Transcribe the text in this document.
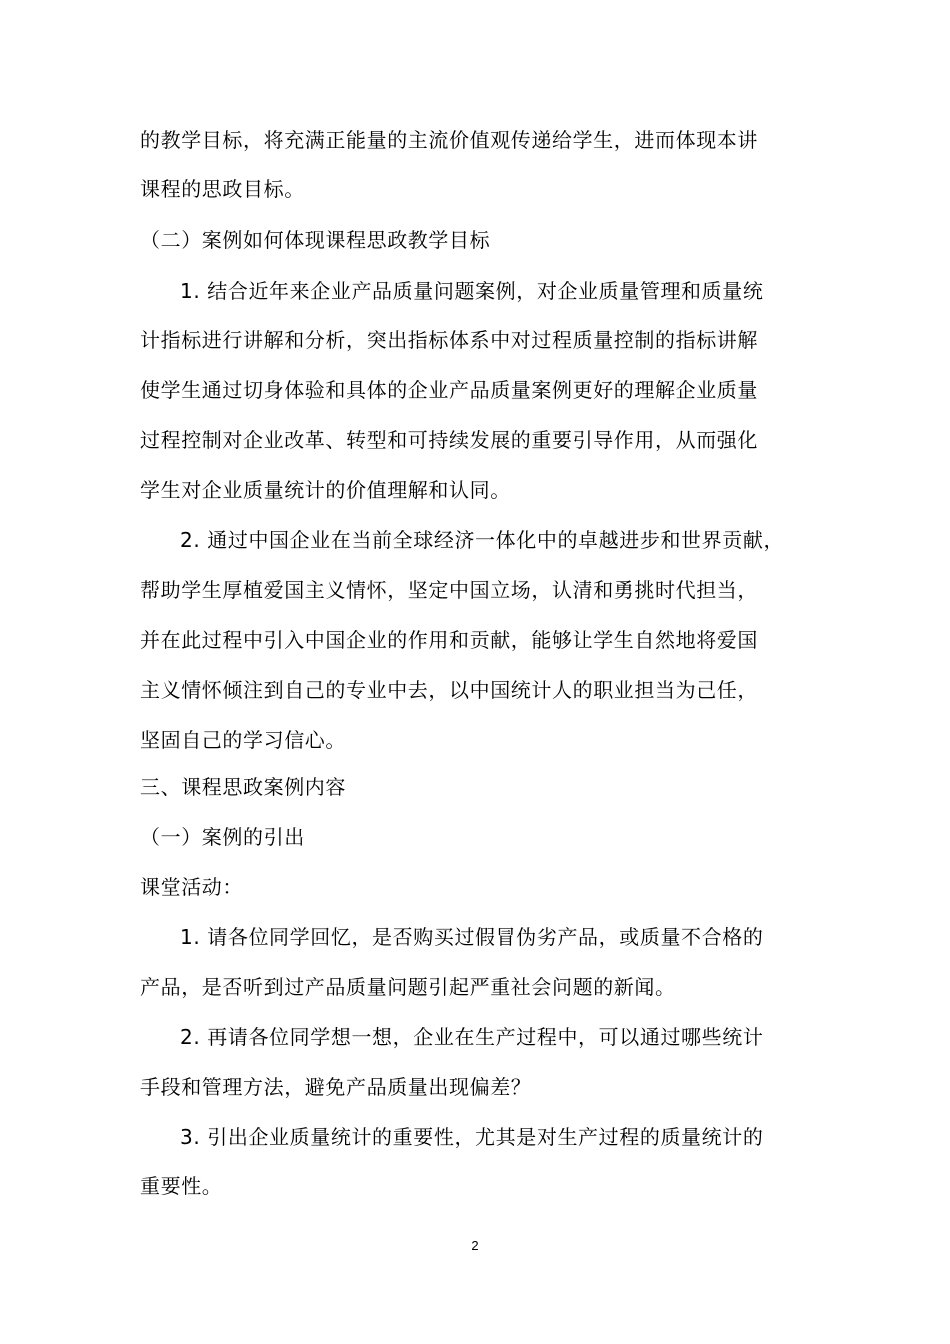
的教学目标，将充满正能量的主流价值观传递给学生，进而体现本讲
课程的思政目标。
（二）案例如何体现课程思政教学目标
1. 结合近年来企业产品质量问题案例，对企业质量管理和质量统
计指标进行讲解和分析，突出指标体系中对过程质量控制的指标讲解
使学生通过切身体验和具体的企业产品质量案例更好的理解企业质量
过程控制对企业改革、转型和可持续发展的重要引导作用，从而强化
学生对企业质量统计的价值理解和认同。
2. 通过中国企业在当前全球经济一体化中的卓越进步和世界贡献，
帮助学生厚植爱国主义情怀，坚定中国立场，认清和勇挑时代担当，
并在此过程中引入中国企业的作用和贡献，能够让学生自然地将爱国
主义情怀倾注到自己的专业中去，以中国统计人的职业担当为己任，
坚固自己的学习信心。
三、课程思政案例内容
（一）案例的引出
课堂活动：
1. 请各位同学回忆，是否购买过假冒伪劣产品，或质量不合格的
产品，是否听到过产品质量问题引起严重社会问题的新闻。
2. 再请各位同学想一想，企业在生产过程中，可以通过哪些统计
手段和管理方法，避免产品质量出现偏差？
3. 引出企业质量统计的重要性，尤其是对生产过程的质量统计的
重要性。
2
